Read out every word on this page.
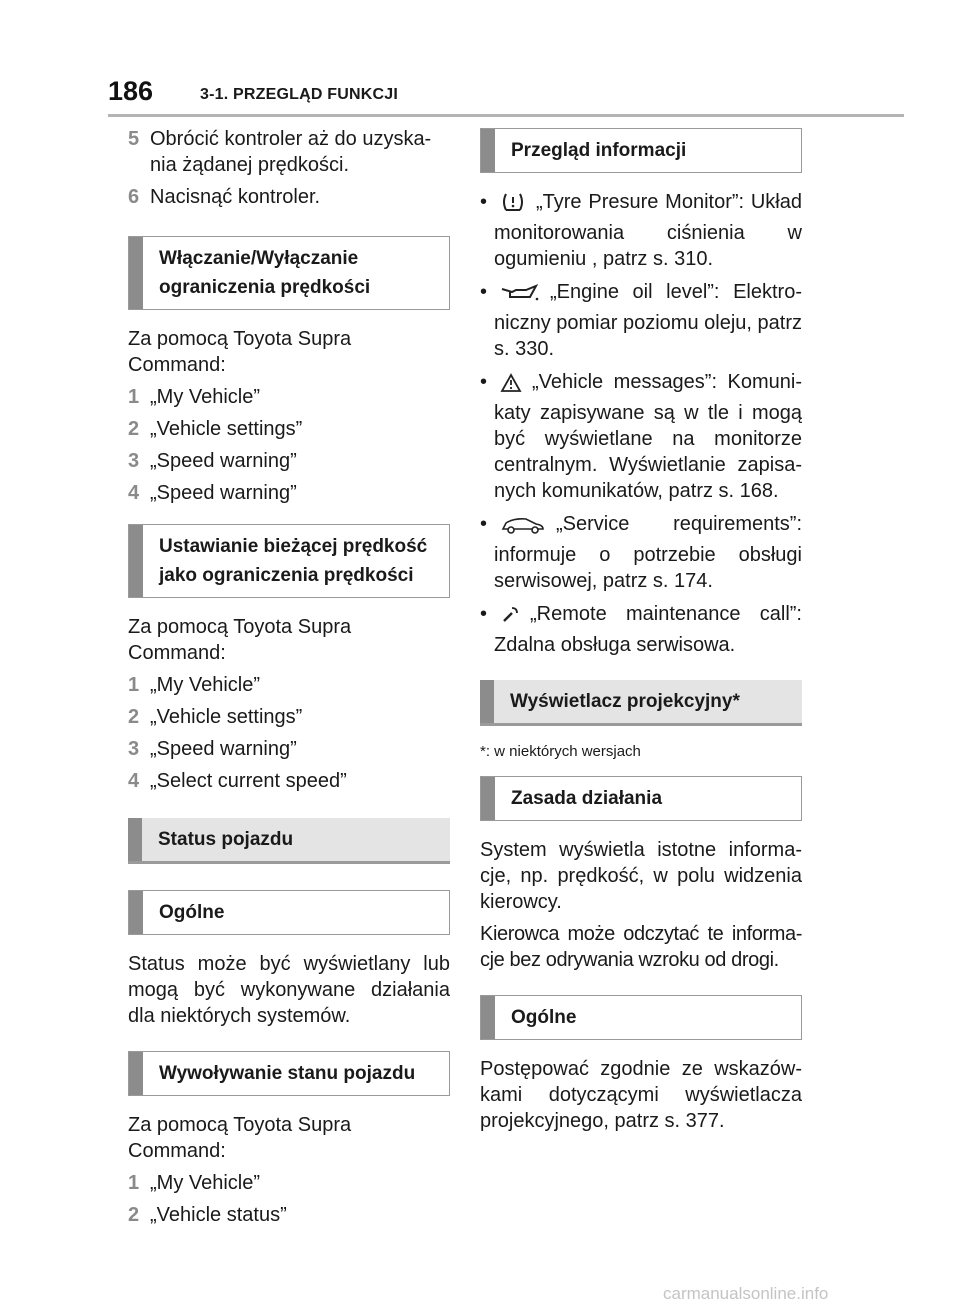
186	3-1. PRZEGLĄD FUNKCJI
5 Obrócić kontroler aż do uzyska-nia żądanej prędkości.
6 Nacisnąć kontroler.
Włączanie/Wyłączanie ograniczenia prędkości

Za pomocą Toyota Supra Command:

1 „My Vehicle”
2 „Vehicle settings”
3 „Speed warning”
4 „Speed warning”
Ustawianie bieżącej prędkość jako ograniczenia prędkości

Za pomocą Toyota Supra Command:

1 „My Vehicle”
2 „Vehicle settings”
3 „Speed warning”
4 „Select current speed”
Status pojazdu
Ogólne

Status może być wyświetlany lub mogą być wykonywane działania dla niektórych systemów.

Wywoływanie stanu pojazdu

Za pomocą Toyota Supra Command:

1 „My Vehicle”
2 „Vehicle status”
Przegląd informacji
• „Tyre Presure Monitor”: Układ monitorowania ciśnienia w ogumieniu , patrz s. 310.
•	„Engine oil level”: Elektro-niczny pomiar poziomu oleju, patrz s. 330.
• „Vehicle messages”: Komuni-katy zapisywane są w tle i mogą być wyświetlane na monitorze centralnym. Wyświetlanie zapisa-nych komunikatów, patrz s. 168.
•	„Service requirements”: informuje o potrzebie obsługi serwisowej, patrz s. 174.
• „Remote maintenance call”: Zdalna obsługa serwisowa.
Wyświetlacz projekcyjny*

*: w niektórych wersjach

Zasada działania

System wyświetla istotne informa-cje, np. prędkość, w polu widzenia kierowcy.

Kierowca może odczytać te informa-cje bez odrywania wzroku od drogi.

Ogólne

Postępować zgodnie ze wskazów-kami dotyczącymi wyświetlacza projekcyjnego, patrz s. 377.

carmanualsonline.info
